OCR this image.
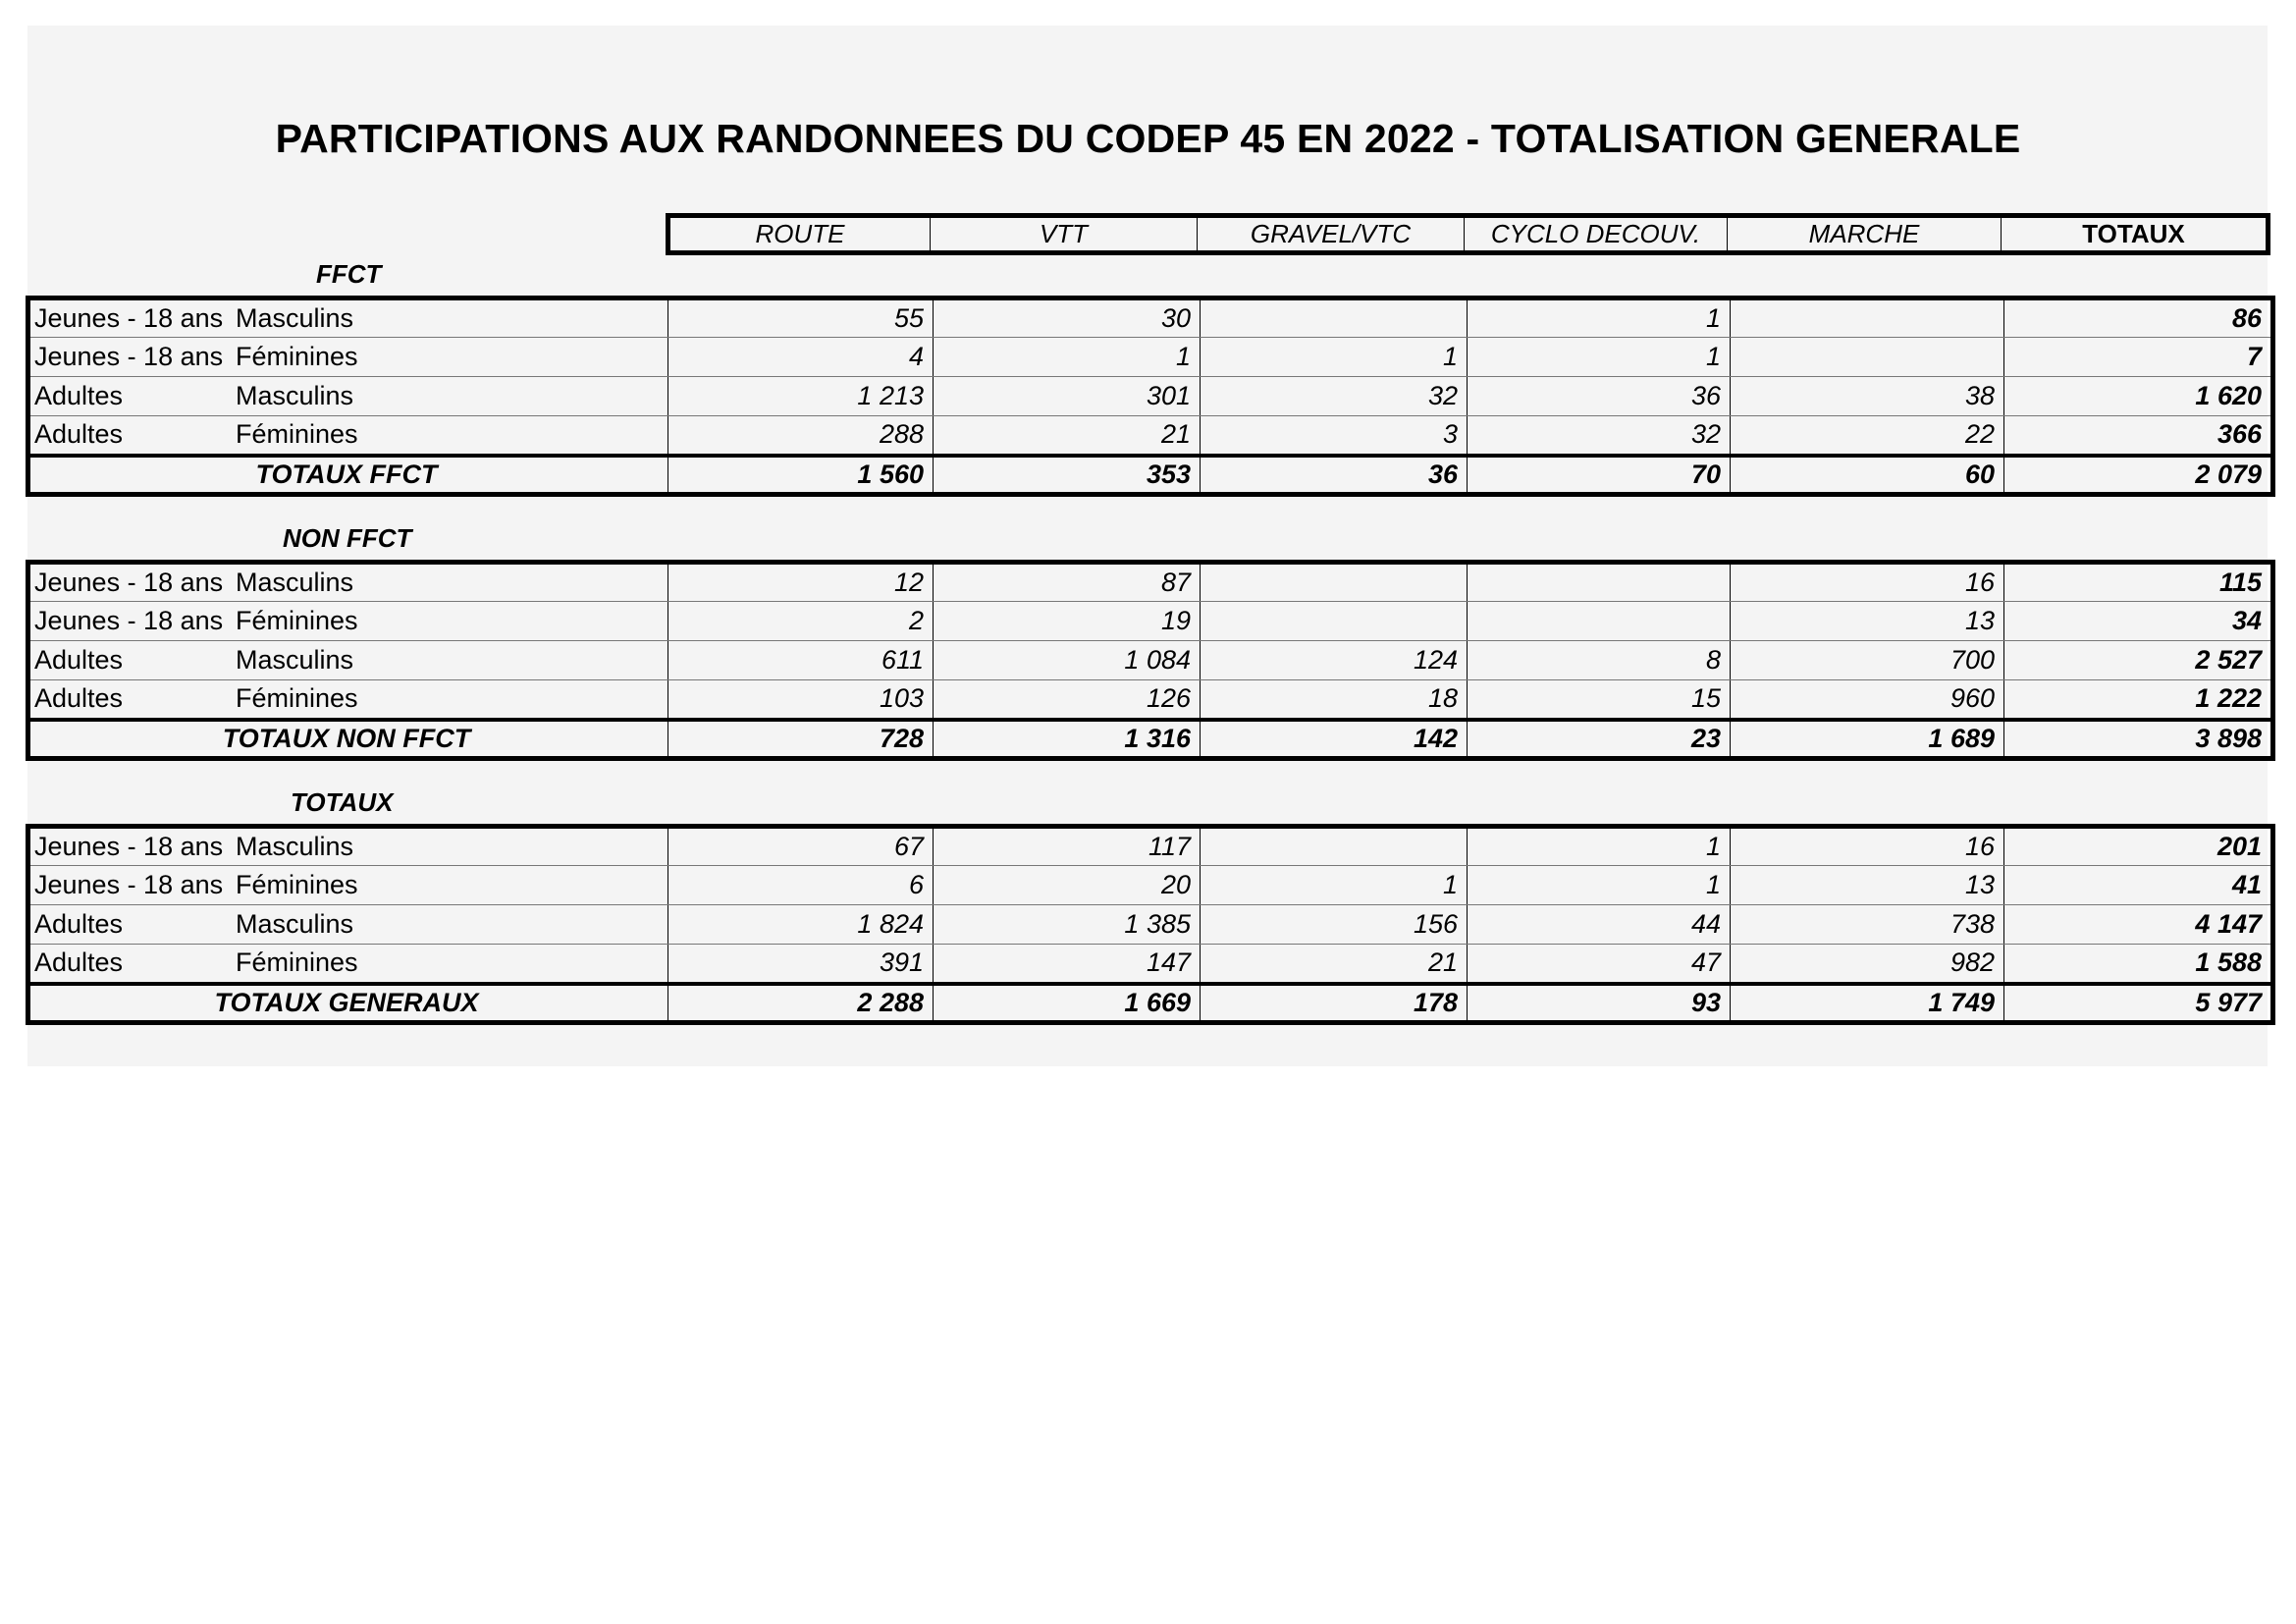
PARTICIPATIONS AUX RANDONNEES DU CODEP 45 EN 2022 - TOTALISATION GENERALE
ROUTE	VTT	GRAVEL/VTC	CYCLO DECOUV.	MARCHE	TOTAUX
FFCT
Jeunes - 18 ans Masculins	55	30		1		86
Jeunes - 18 ans Féminines	4	1	1	1		7
Adultes Masculins	1 213	301	32	36	38	1 620
Adultes Féminines	288	21	3	32	22	366
TOTAUX FFCT	1 560	353	36	70	60	2 079
NON FFCT
Jeunes - 18 ans Masculins	12	87			16	115
Jeunes - 18 ans Féminines	2	19			13	34
Adultes Masculins	611	1 084	124	8	700	2 527
Adultes Féminines	103	126	18	15	960	1 222
TOTAUX NON FFCT	728	1 316	142	23	1 689	3 898
TOTAUX
Jeunes - 18 ans Masculins	67	117		1	16	201
Jeunes - 18 ans Féminines	6	20	1	1	13	41
Adultes Masculins	1 824	1 385	156	44	738	4 147
Adultes Féminines	391	147	21	47	982	1 588
TOTAUX GENERAUX	2 288	1 669	178	93	1 749	5 977
